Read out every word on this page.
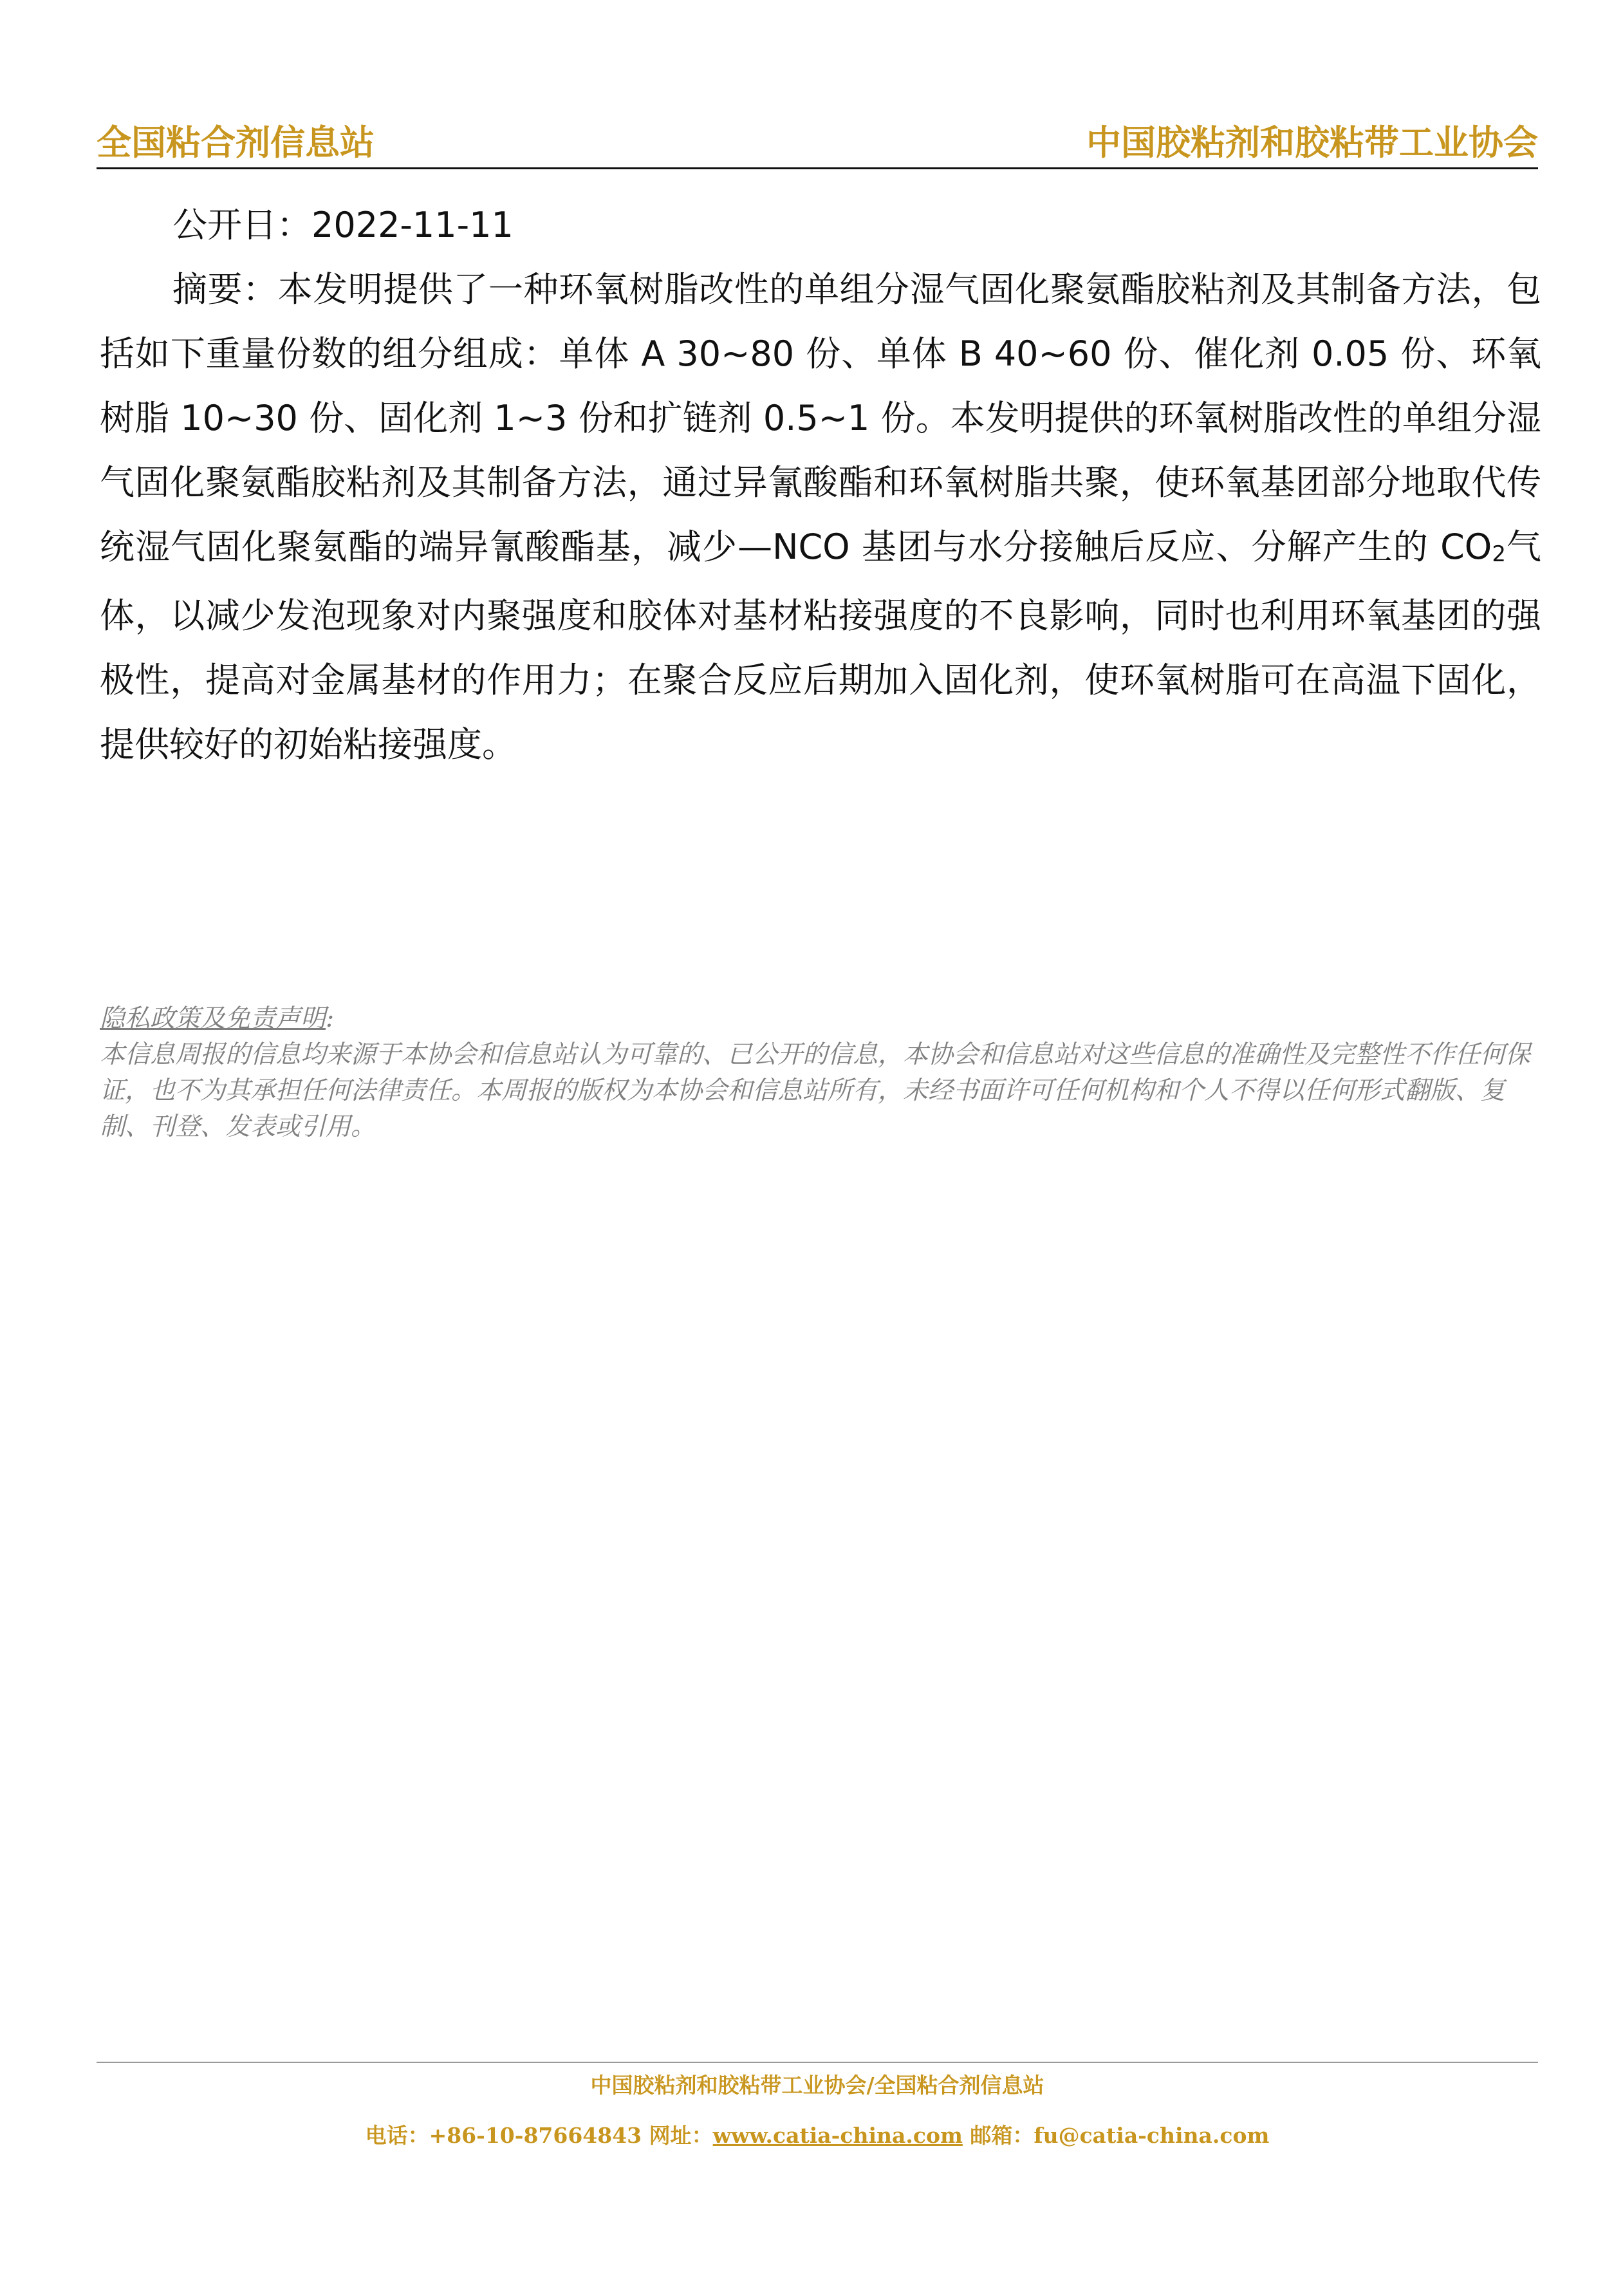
全国粘合剂信息站	中国胶粘剂和胶粘带工业协会

公开日：2022-11-11

摘要：本发明提供了一种环氧树脂改性的单组分湿气固化聚氨酯胶粘剂及其制备方法，包括如下重量份数的组分组成：单体 A 30~80 份、单体 B 40~60 份、催化剂 0.05 份、环氧树脂 10~30 份、固化剂 1~3 份和扩链剂 0.5~1 份。本发明提供的环氧树脂改性的单组分湿气固化聚氨酯胶粘剂及其制备方法，通过异氰酸酯和环氧树脂共聚，使环氧基团部分地取代传统湿气固化聚氨酯的端异氰酸酯基，减少—NCO 基团与水分接触后反应、分解产生的 $CO_2$气体，以减少发泡现象对内聚强度和胶体对基材粘接强度的不良影响，同时也利用环氧基团的强极性，提高对金属基材的作用力；在聚合反应后期加入固化剂，使环氧树脂可在高温下固化，提供较好的初始粘接强度。

隐私政策及免责声明:

本信息周报的信息均来源于本协会和信息站认为可靠的、已公开的信息，本协会和信息站对这些信息的准确性及完整性不作任何保证，也不为其承担任何法律责任。本周报的版权为本协会和信息站所有，未经书面许可任何机构和个人不得以任何形式翻版、复制、刊登、发表或引用。

中国胶粘剂和胶粘带工业协会/全国粘合剂信息站
电话：+86-10-87664843 网址：www.catia-china.com 邮箱：fu@catia-china.com
